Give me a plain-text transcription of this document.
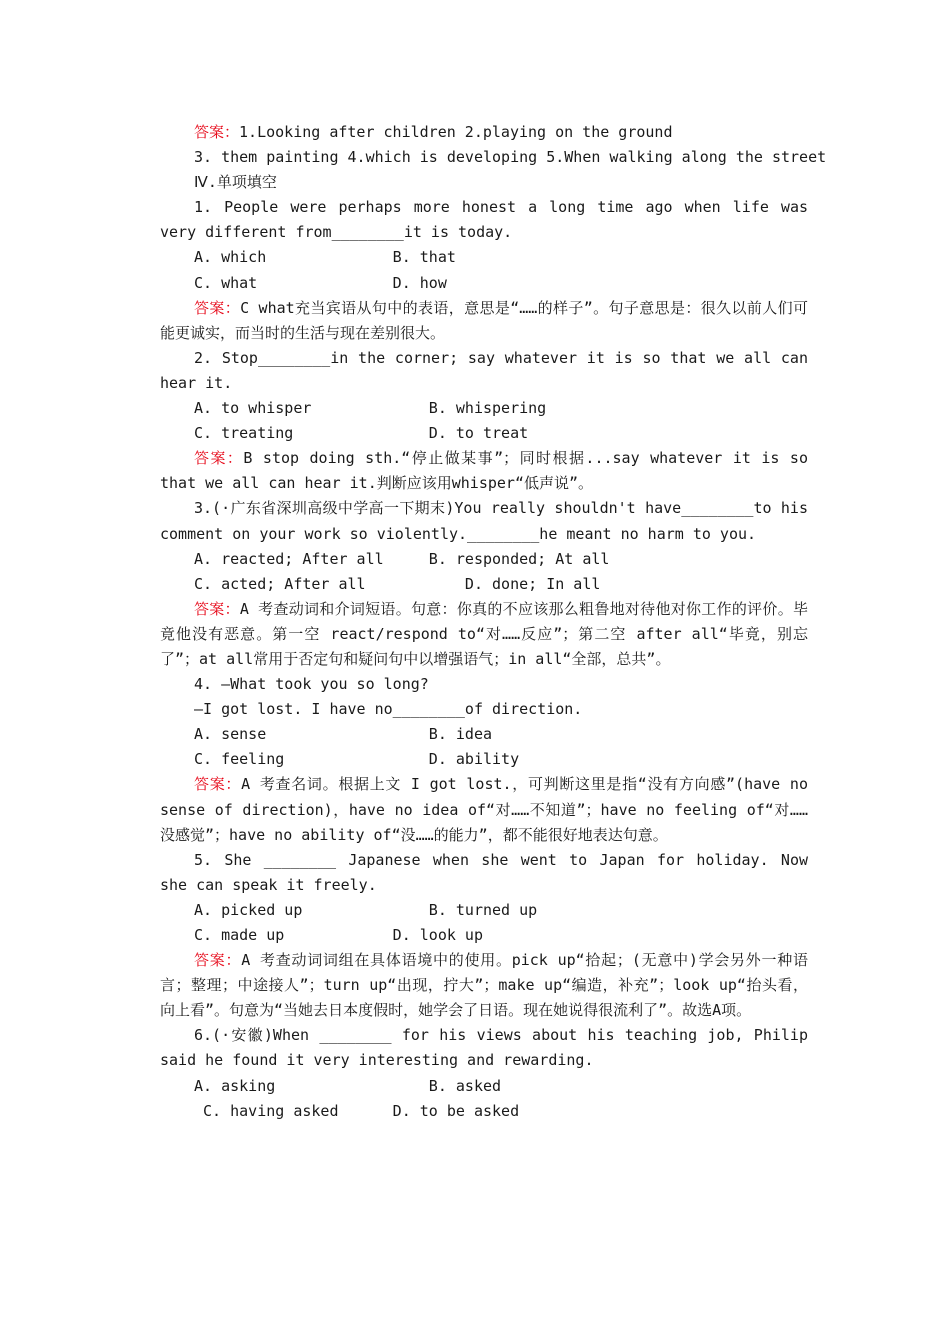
答案：1.Looking after children 2.playing on the ground

3. them painting 4.which is developing 5.When walking along the street

Ⅳ.单项填空

1. People were perhaps more honest a long time ago when life was very different from________it is today.

A. which              B. that

C. what               D. how

答案：C what充当宾语从句中的表语，意思是“……的样子”。句子意思是：很久以前人们可能更诚实，而当时的生活与现在差别很大。

2. Stop________in the corner; say whatever it is so that we all can hear it.

A. to whisper             B. whispering

C. treating               D. to treat

答案：B stop doing sth.“停止做某事”；同时根据...say whatever it is so that we all can hear it.判断应该用whisper“低声说”。

3.(·广东省深圳高级中学高一下期末)You really shouldn't have________to his comment on your work so violently.________he meant no harm to you.

A. reacted; After all     B. responded; At all

C. acted; After all           D. done; In all

答案：A 考查动词和介词短语。句意：你真的不应该那么粗鲁地对待他对你工作的评价。毕竟他没有恶意。第一空 react/respond to“对……反应”；第二空 after all“毕竟，别忘了”；at all常用于否定句和疑问句中以增强语气；in all“全部，总共”。

4. —What took you so long?

—I got lost. I have no________of direction.

A. sense                  B. idea

C. feeling                D. ability

答案：A 考查名词。根据上文 I got lost.，可判断这里是指“没有方向感”(have no sense of direction)，have no idea of“对……不知道”；have no feeling of“对……没感觉”；have no ability of“没……的能力”，都不能很好地表达句意。

5. She ________ Japanese when she went to Japan for holiday. Now she can speak it freely.

A. picked up              B. turned up

C. made up            D. look up

答案：A 考查动词词组在具体语境中的使用。pick up“拾起；(无意中)学会另外一种语言；整理；中途接人”；turn up“出现，拧大”；make up“编造，补充”；look up“抬头看，向上看”。句意为“当她去日本度假时，她学会了日语。现在她说得很流利了”。故选A项。

6.(·安徽)When ________ for his views about his teaching job, Philip said he found it very interesting and rewarding.

A. asking                 B. asked

C. having asked      D. to be asked
